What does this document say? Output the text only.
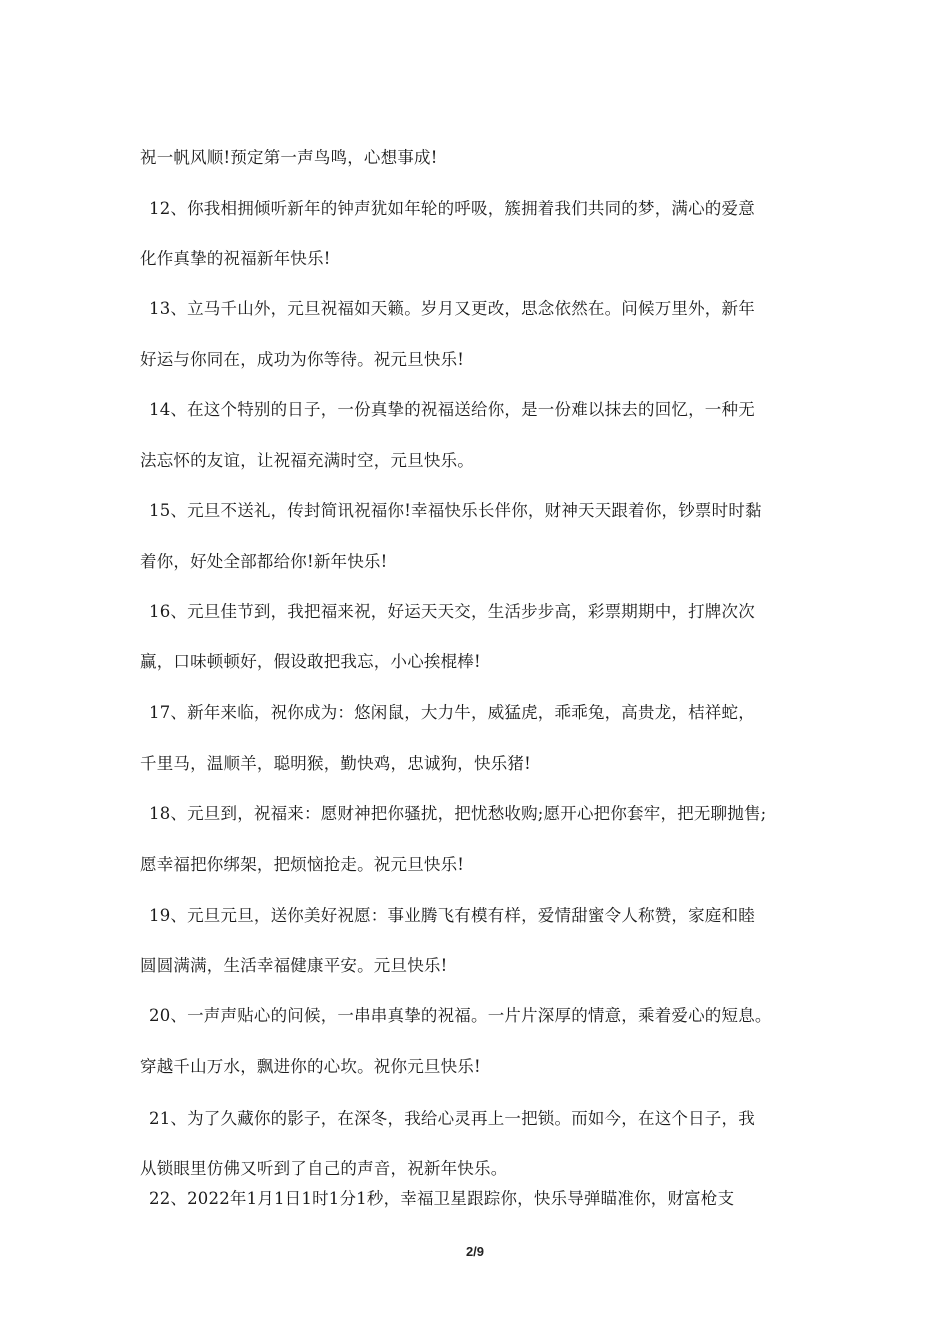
祝一帆风顺!预定第一声鸟鸣，心想事成!
12、你我相拥倾听新年的钟声犹如年轮的呼吸，簇拥着我们共同的梦，满心的爱意
化作真挚的祝福新年快乐!
13、立马千山外，元旦祝福如天籁。岁月又更改，思念依然在。问候万里外，新年
好运与你同在，成功为你等待。祝元旦快乐!
14、在这个特别的日子，一份真挚的祝福送给你，是一份难以抹去的回忆，一种无
法忘怀的友谊，让祝福充满时空，元旦快乐。
15、元旦不送礼，传封简讯祝福你!幸福快乐长伴你，财神天天跟着你，钞票时时黏
着你，好处全部都给你!新年快乐!
16、元旦佳节到，我把福来祝，好运天天交，生活步步高，彩票期期中，打牌次次
赢，口味顿顿好，假设敢把我忘，小心挨棍棒!
17、新年来临，祝你成为：悠闲鼠，大力牛，威猛虎，乖乖兔，高贵龙，桔祥蛇，
千里马，温顺羊，聪明猴，勤快鸡，忠诚狗，快乐猪!
18、元旦到，祝福来：愿财神把你骚扰，把忧愁收购;愿开心把你套牢，把无聊抛售;
愿幸福把你绑架，把烦恼抢走。祝元旦快乐!
19、元旦元旦，送你美好祝愿：事业腾飞有模有样，爱情甜蜜令人称赞，家庭和睦
圆圆满满，生活幸福健康平安。元旦快乐!
20、一声声贴心的问候，一串串真挚的祝福。一片片深厚的情意，乘着爱心的短息。
穿越千山万水，飘进你的心坎。祝你元旦快乐!
21、为了久藏你的影子，在深冬，我给心灵再上一把锁。而如今，在这个日子，我
从锁眼里仿佛又听到了自己的声音，祝新年快乐。
22、2022年1月1日1时1分1秒，幸福卫星跟踪你，快乐导弹瞄准你，财富枪支
2/9
